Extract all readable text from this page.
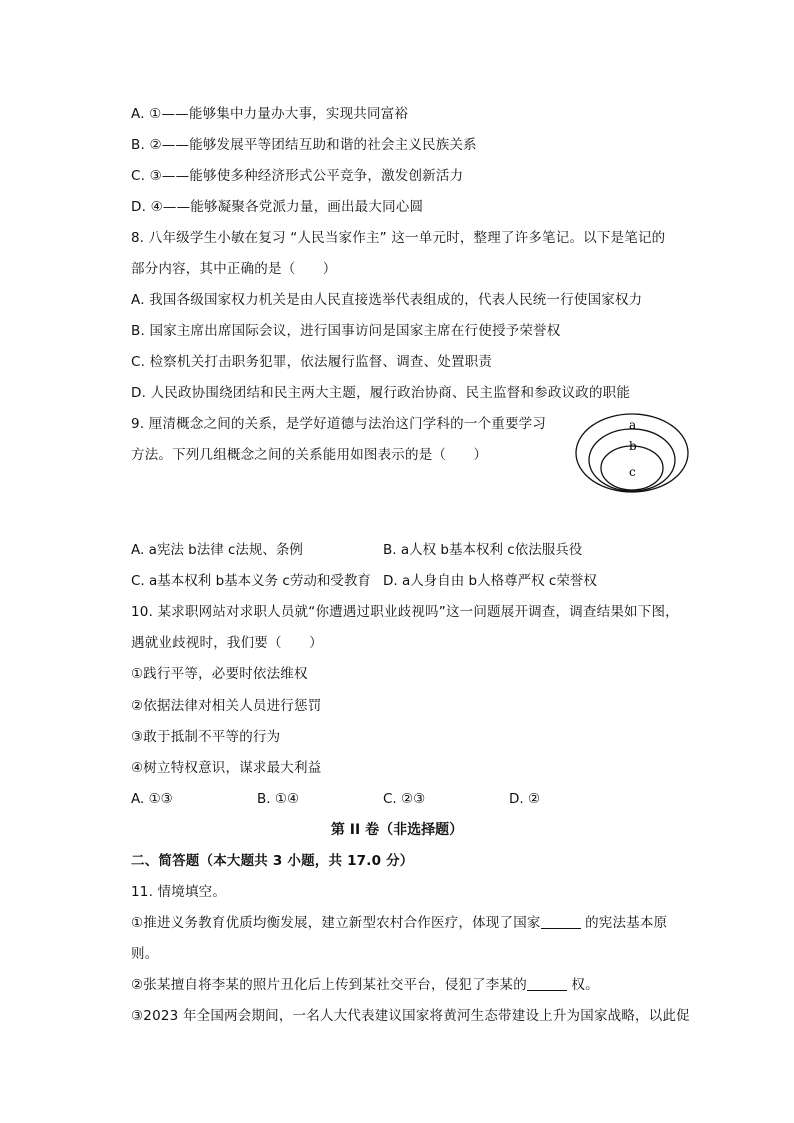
A. ①——能够集中力量办大事，实现共同富裕
B. ②——能够发展平等团结互助和谐的社会主义民族关系
C. ③——能够使多种经济形式公平竞争，激发创新活力
D. ④——能够凝聚各党派力量，画出最大同心圆
8. 八年级学生小敏在复习 “人民当家作主” 这一单元时，整理了许多笔记。以下是笔记的
部分内容，其中正确的是（　　）
A. 我国各级国家权力机关是由人民直接选举代表组成的，代表人民统一行使国家权力
B. 国家主席出席国际会议，进行国事访问是国家主席在行使授予荣誉权
C. 检察机关打击职务犯罪，依法履行监督、调查、处置职责
D. 人民政协围绕团结和民主两大主题，履行政治协商、民主监督和参政议政的职能
9. 厘清概念之间的关系，是学好道德与法治这门学科的一个重要学习
方法。下列几组概念之间的关系能用如图表示的是（　　）
a
b
c
A. a宪法 b法律 c法规、条例	B. a人权 b基本权利 c依法服兵役
C. a基本权利 b基本义务 c劳动和受教育 D. a人身自由 b人格尊严权 c荣誉权
10. 某求职网站对求职人员就“你遭遇过职业歧视吗”这一问题展开调查，调查结果如下图，
遇就业歧视时，我们要（　　）
①践行平等，必要时依法维权
②依据法律对相关人员进行惩罚
③敢于抵制不平等的行为
④树立特权意识，谋求最大利益
A. ①③	B. ①④	C. ②③	D. ②
第 II 卷（非选择题）
二、简答题（本大题共 3 小题，共 17.0 分）
11. 情境填空。
①推进义务教育优质均衡发展，建立新型农村合作医疗，体现了国家	的宪法基本原
则。
②张某擅自将李某的照片丑化后上传到某社交平台，侵犯了李某的	权。
③2023 年全国两会期间，一名人大代表建议国家将黄河生态带建设上升为国家战略，以此促
